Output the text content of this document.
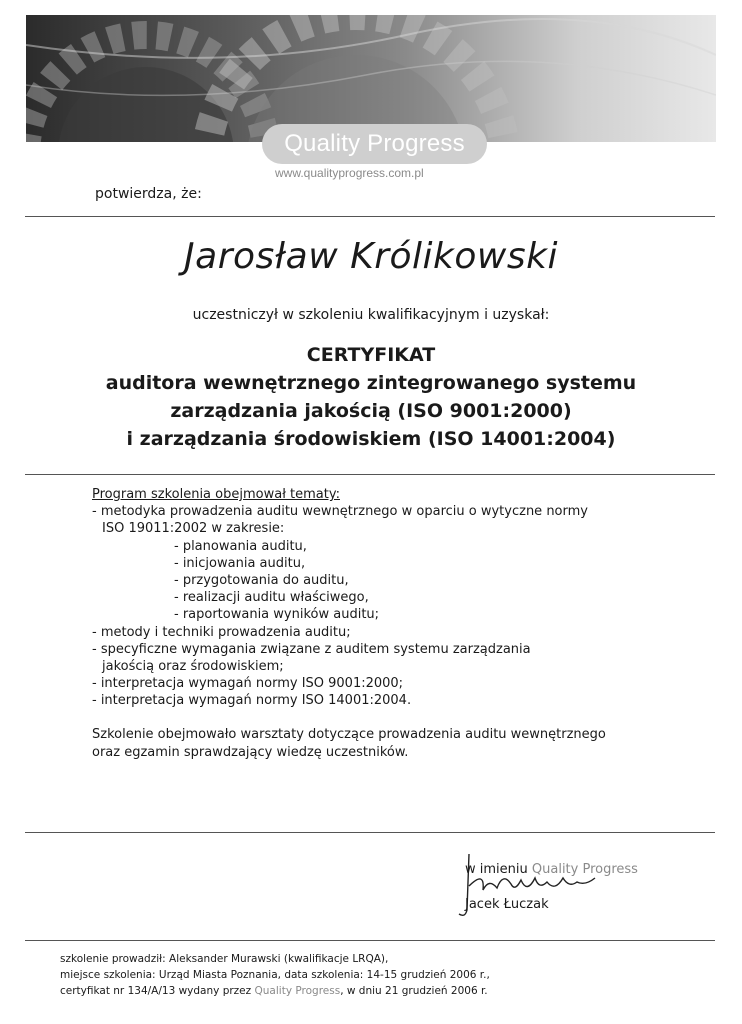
Quality Progress
www.qualityprogress.com.pl
potwierdza, że:
Jarosław Królikowski
uczestniczył w szkoleniu kwalifikacyjnym i uzyskał:
CERTYFIKAT
auditora wewnętrznego zintegrowanego systemu
zarządzania jakością (ISO 9001:2000)
i zarządzania środowiskiem (ISO 14001:2004)
Program szkolenia obejmował tematy:
- metodyka prowadzenia auditu wewnętrznego w oparciu o wytyczne normy
ISO 19011:2002 w zakresie:
- planowania auditu,
- inicjowania auditu,
- przygotowania do auditu,
- realizacji auditu właściwego,
- raportowania wyników auditu;
- metody i techniki prowadzenia auditu;
- specyficzne wymagania związane z auditem systemu zarządzania
jakością oraz środowiskiem;
- interpretacja wymagań normy ISO 9001:2000;
- interpretacja wymagań normy ISO 14001:2004.
Szkolenie obejmowało warsztaty dotyczące prowadzenia auditu wewnętrznego
oraz egzamin sprawdzający wiedzę uczestników.
w imieniu Quality Progress
Jacek Łuczak
szkolenie prowadził: Aleksander Murawski (kwalifikacje LRQA),
miejsce szkolenia: Urząd Miasta Poznania, data szkolenia: 14-15 grudzień 2006 r.,
certyfikat nr 134/A/13 wydany przez Quality Progress, w dniu 21 grudzień 2006 r.
